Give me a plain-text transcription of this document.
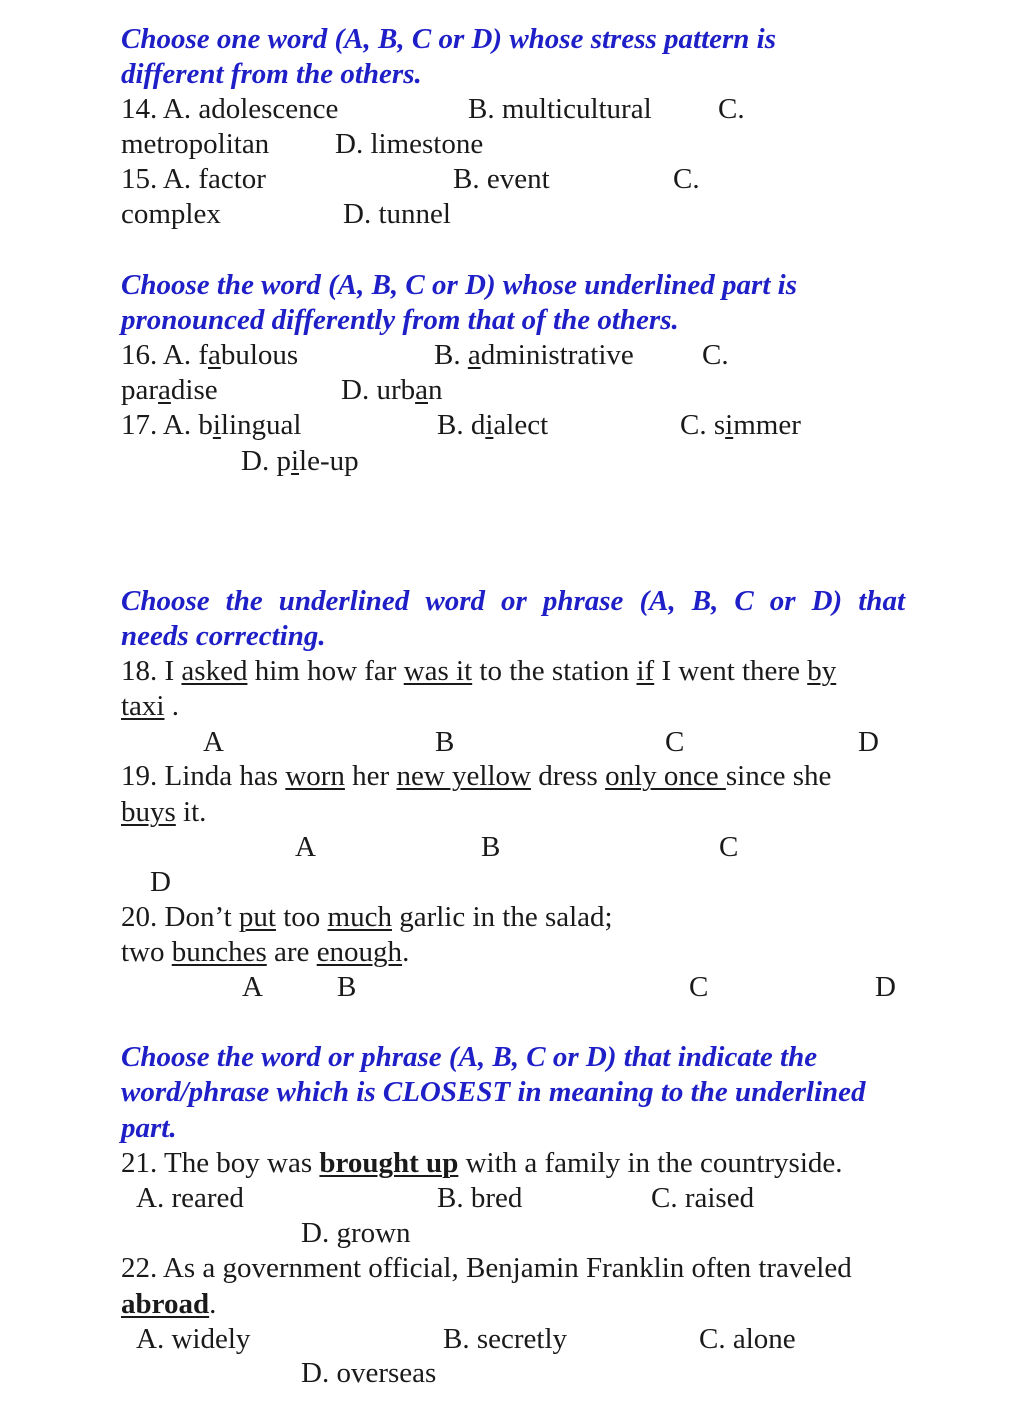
Choose one word (A, B, C or D) whose stress pattern is
different from the others.
14. A. adolescence	B. multicultural C.
metropolitan D. limestone
15. A. factor	B. event	C.
complex	D. tunnel
Choose the word (A, B, C or D) whose underlined part is
pronounced differently from that of the others.
16. A. fabulous	B. administrative C.
paradise	D. urban
17. A. bilingual	B. dialect	C. simmer
D. pile-up
Choose the underlined word or phrase (A, B, C or D) that
needs correcting.
18. I asked him how far was it to the station if I went there by
taxi .
A	B	C	D
19. Linda has worn her new yellow dress only once since she
buys it.
A	B	C
D
20. Don’t put too much garlic in the salad;
two bunches are enough.
A	B	C	D
Choose the word or phrase (A, B, C or D) that indicate the
word/phrase which is CLOSEST in meaning to the underlined
part.
21. The boy was brought up with a family in the countryside.
A. reared	B. bred	C. raised
D. grown
22. As a government official, Benjamin Franklin often traveled
abroad.
A. widely	B. secretly	C. alone
D. overseas
